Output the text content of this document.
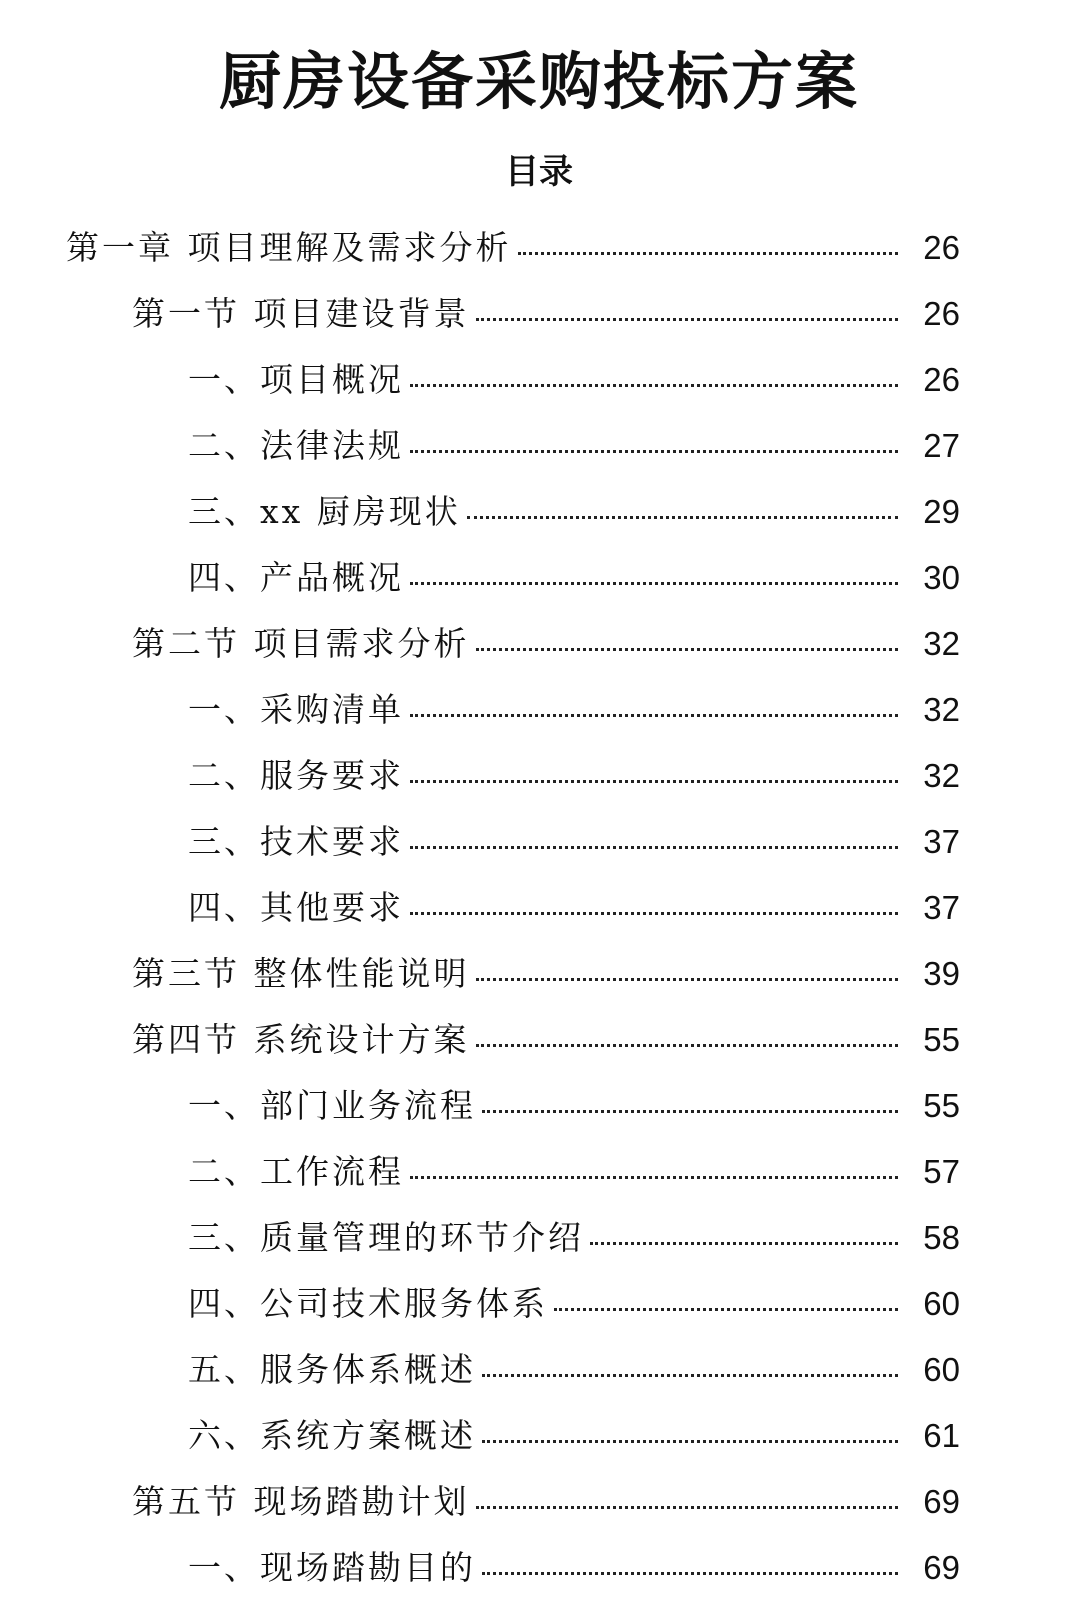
厨房设备采购投标方案
目录
第一章 项目理解及需求分析	26
第一节 项目建设背景	26
一、项目概况	26
二、法律法规	27
三、xx 厨房现状	29
四、产品概况	30
第二节 项目需求分析	32
一、采购清单	32
二、服务要求	32
三、技术要求	37
四、其他要求	37
第三节 整体性能说明	39
第四节 系统设计方案	55
一、部门业务流程	55
二、工作流程	57
三、质量管理的环节介绍	58
四、公司技术服务体系	60
五、服务体系概述	60
六、系统方案概述	61
第五节 现场踏勘计划	69
一、现场踏勘目的	69
